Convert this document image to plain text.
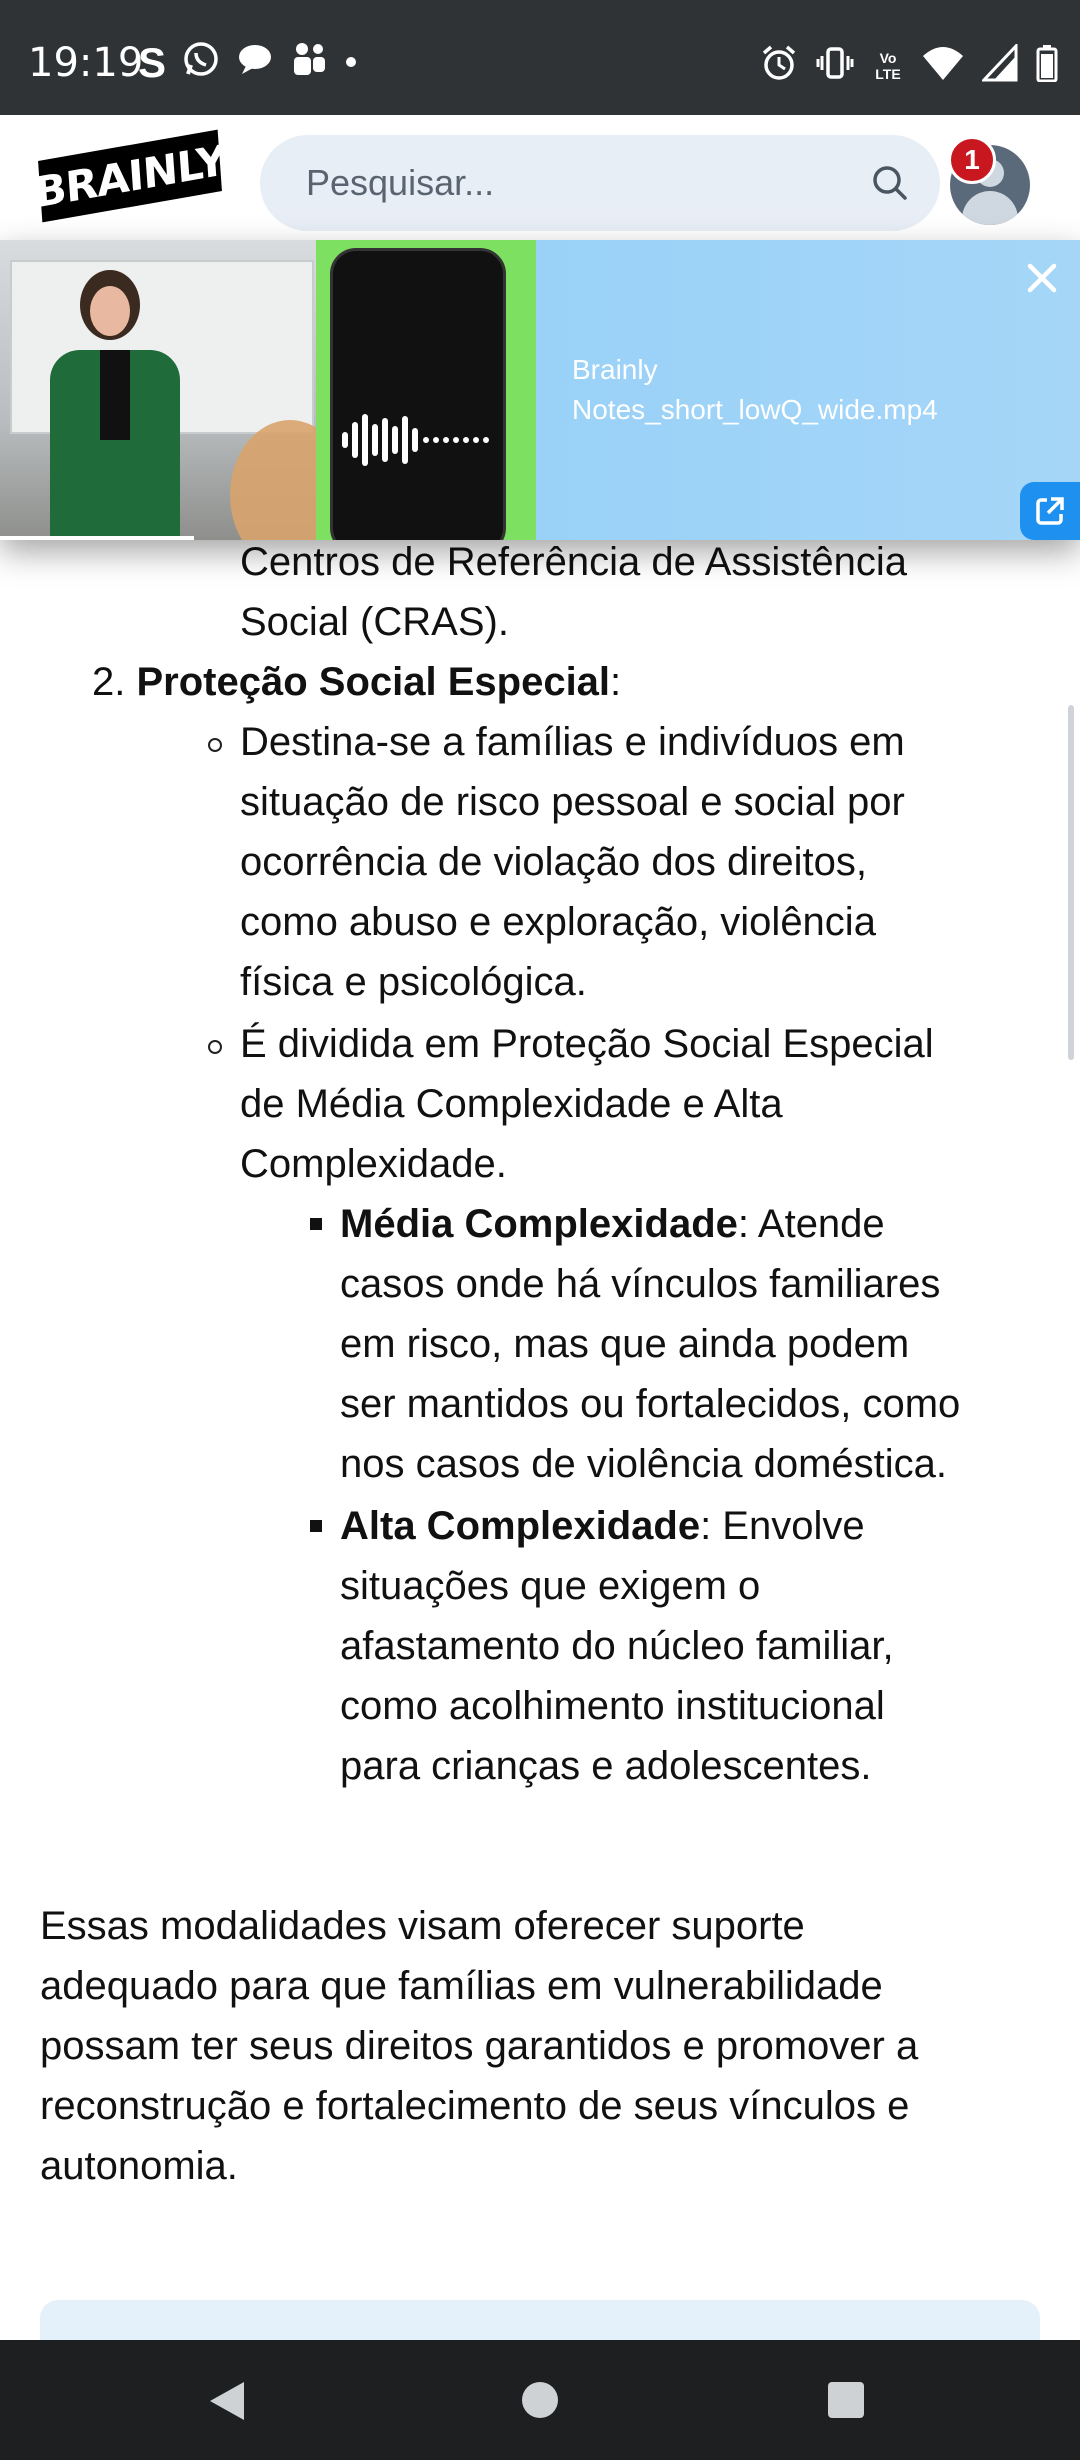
19:19
S	Vo LTE
BRAINLY
Pesquisar...	1
Centros de Referência de Assistência
Social (CRAS).
2. Proteção Social Especial:
Destina-se a famílias e indivíduos em
situação de risco pessoal e social por
ocorrência de violação dos direitos,
como abuso e exploração, violência
física e psicológica.
É dividida em Proteção Social Especial
de Média Complexidade e Alta
Complexidade.
Média Complexidade: Atende
casos onde há vínculos familiares
em risco, mas que ainda podem
ser mantidos ou fortalecidos, como
nos casos de violência doméstica.
Alta Complexidade: Envolve
situações que exigem o
afastamento do núcleo familiar,
como acolhimento institucional
para crianças e adolescentes.
Essas modalidades visam oferecer suporte
adequado para que famílias em vulnerabilidade
possam ter seus direitos garantidos e promover a
reconstrução e fortalecimento de seus vínculos e
autonomia.
Brainly
Notes_short_lowQ_wide.mp4
